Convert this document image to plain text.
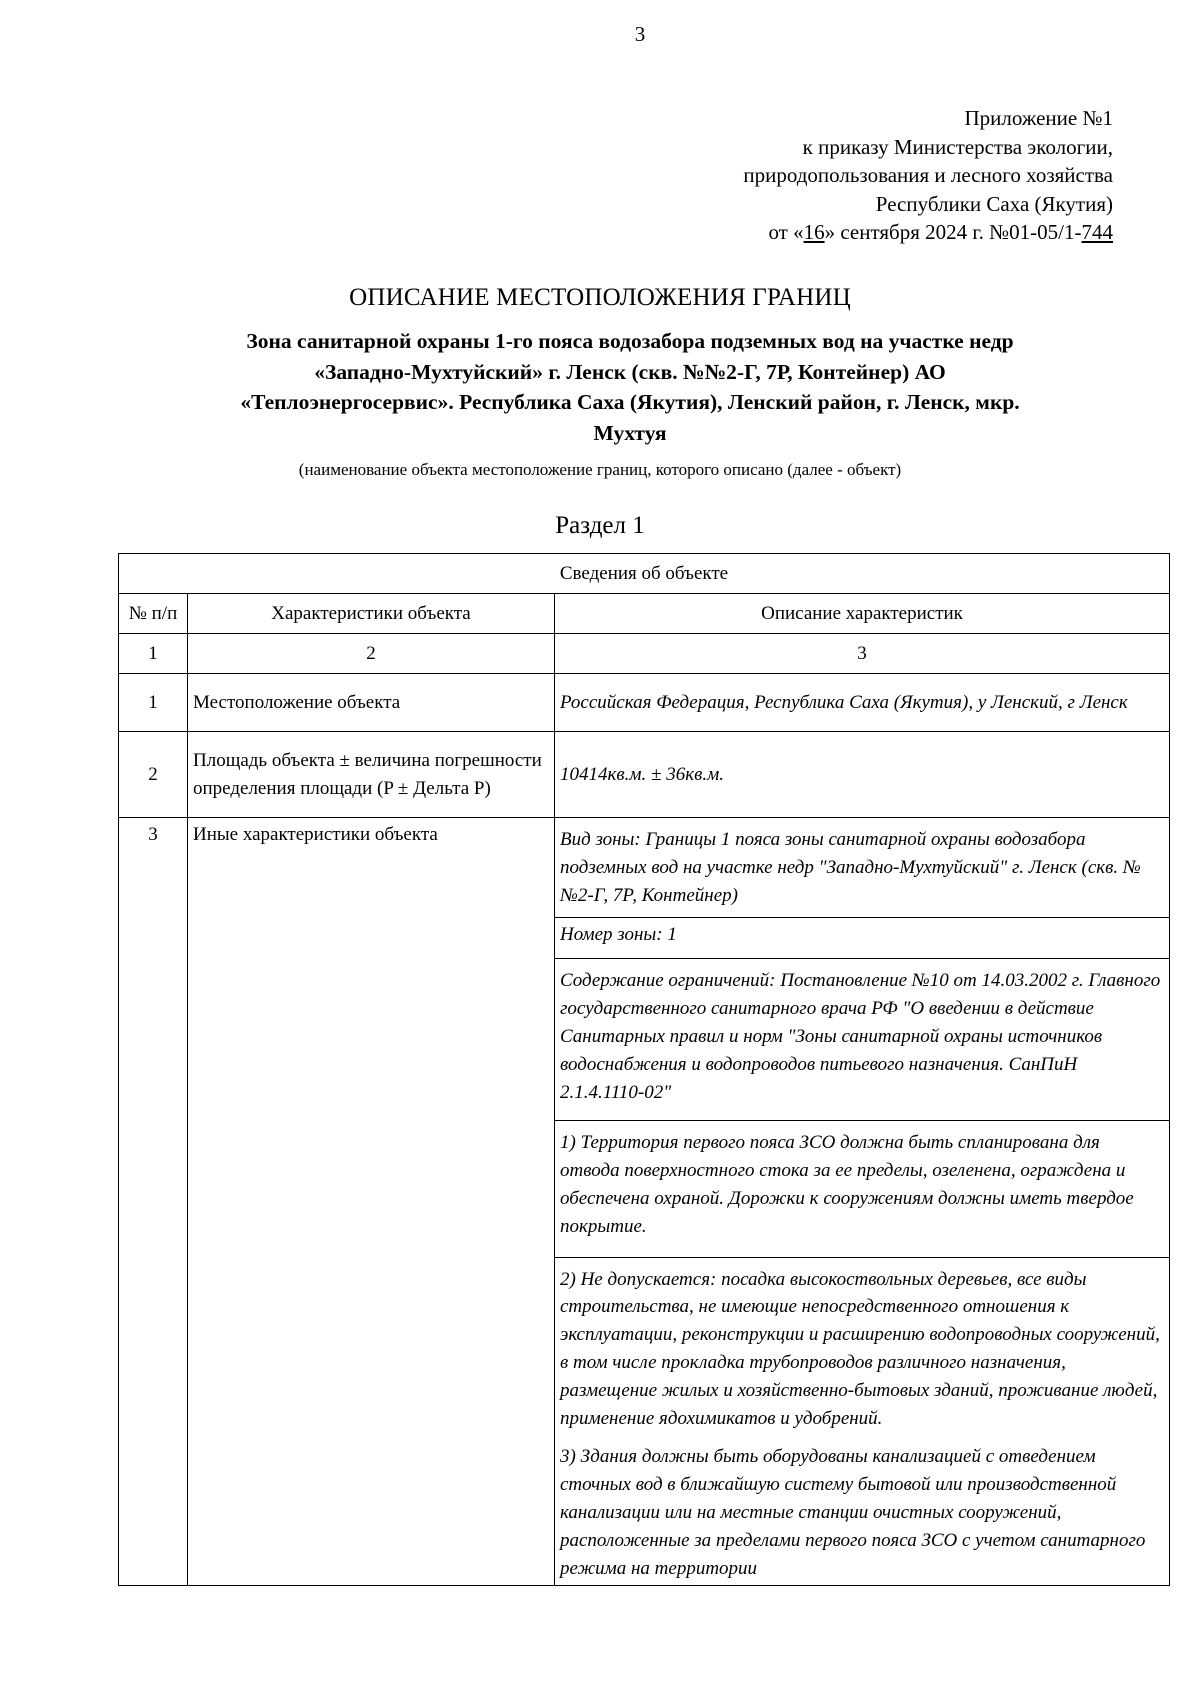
3
Приложение №1
к приказу Министерства экологии,
природопользования и лесного хозяйства
Республики Саха (Якутия)
от «16» сентября 2024 г. №01-05/1-744
ОПИСАНИЕ МЕСТОПОЛОЖЕНИЯ ГРАНИЦ
Зона санитарной охраны 1-го пояса водозабора подземных вод на участке недр
«Западно-Мухтуйский» г. Ленск (скв. №№2-Г, 7Р, Контейнер) АО
«Теплоэнергосервис». Республика Саха (Якутия), Ленский район, г. Ленск, мкр.
Мухтуя
(наименование объекта местоположение границ, которого описано (далее - объект)
Раздел 1
Сведения об объекте		
№ п/п	Характеристики объекта	Описание характеристик
1	2	3
1	Местоположение объекта	Российская Федерация, Республика Саха (Якутия), у Ленский, г Ленск
2	Площадь объекта ± величина погрешности определения площади (P ± Дельта P)	10414кв.м. ± 36кв.м.
3	Иные характеристики объекта	Вид зоны: Границы 1 пояса зоны санитарной охраны водозабора подземных вод на участке недр "Западно-Мухтуйский" г. Ленск (скв. №№2-Г, 7Р, Контейнер)
		Номер зоны: 1
		Содержание ограничений: Постановление №10 от 14.03.2002 г. Главного государственного санитарного врача РФ "О введении в действие Санитарных правил и норм "Зоны санитарной охраны источников водоснабжения и водопроводов питьевого назначения. СанПиН 2.1.4.1110-02"
		1) Территория первого пояса ЗСО должна быть спланирована для отвода поверхностного стока за ее пределы, озеленена, ограждена и обеспечена охраной. Дорожки к сооружениям должны иметь твердое покрытие.
		2) Не допускается: посадка высокоствольных деревьев, все виды строительства, не имеющие непосредственного отношения к эксплуатации, реконструкции и расширению водопроводных сооружений, в том числе прокладка трубопроводов различного назначения, размещение жилых и хозяйственно-бытовых зданий, проживание людей, применение ядохимикатов и удобрений.
		3) Здания должны быть оборудованы канализацией с отведением сточных вод в ближайшую систему бытовой или производственной канализации или на местные станции очистных сооружений, расположенные за пределами первого пояса ЗСО с учетом санитарного режима на территории
